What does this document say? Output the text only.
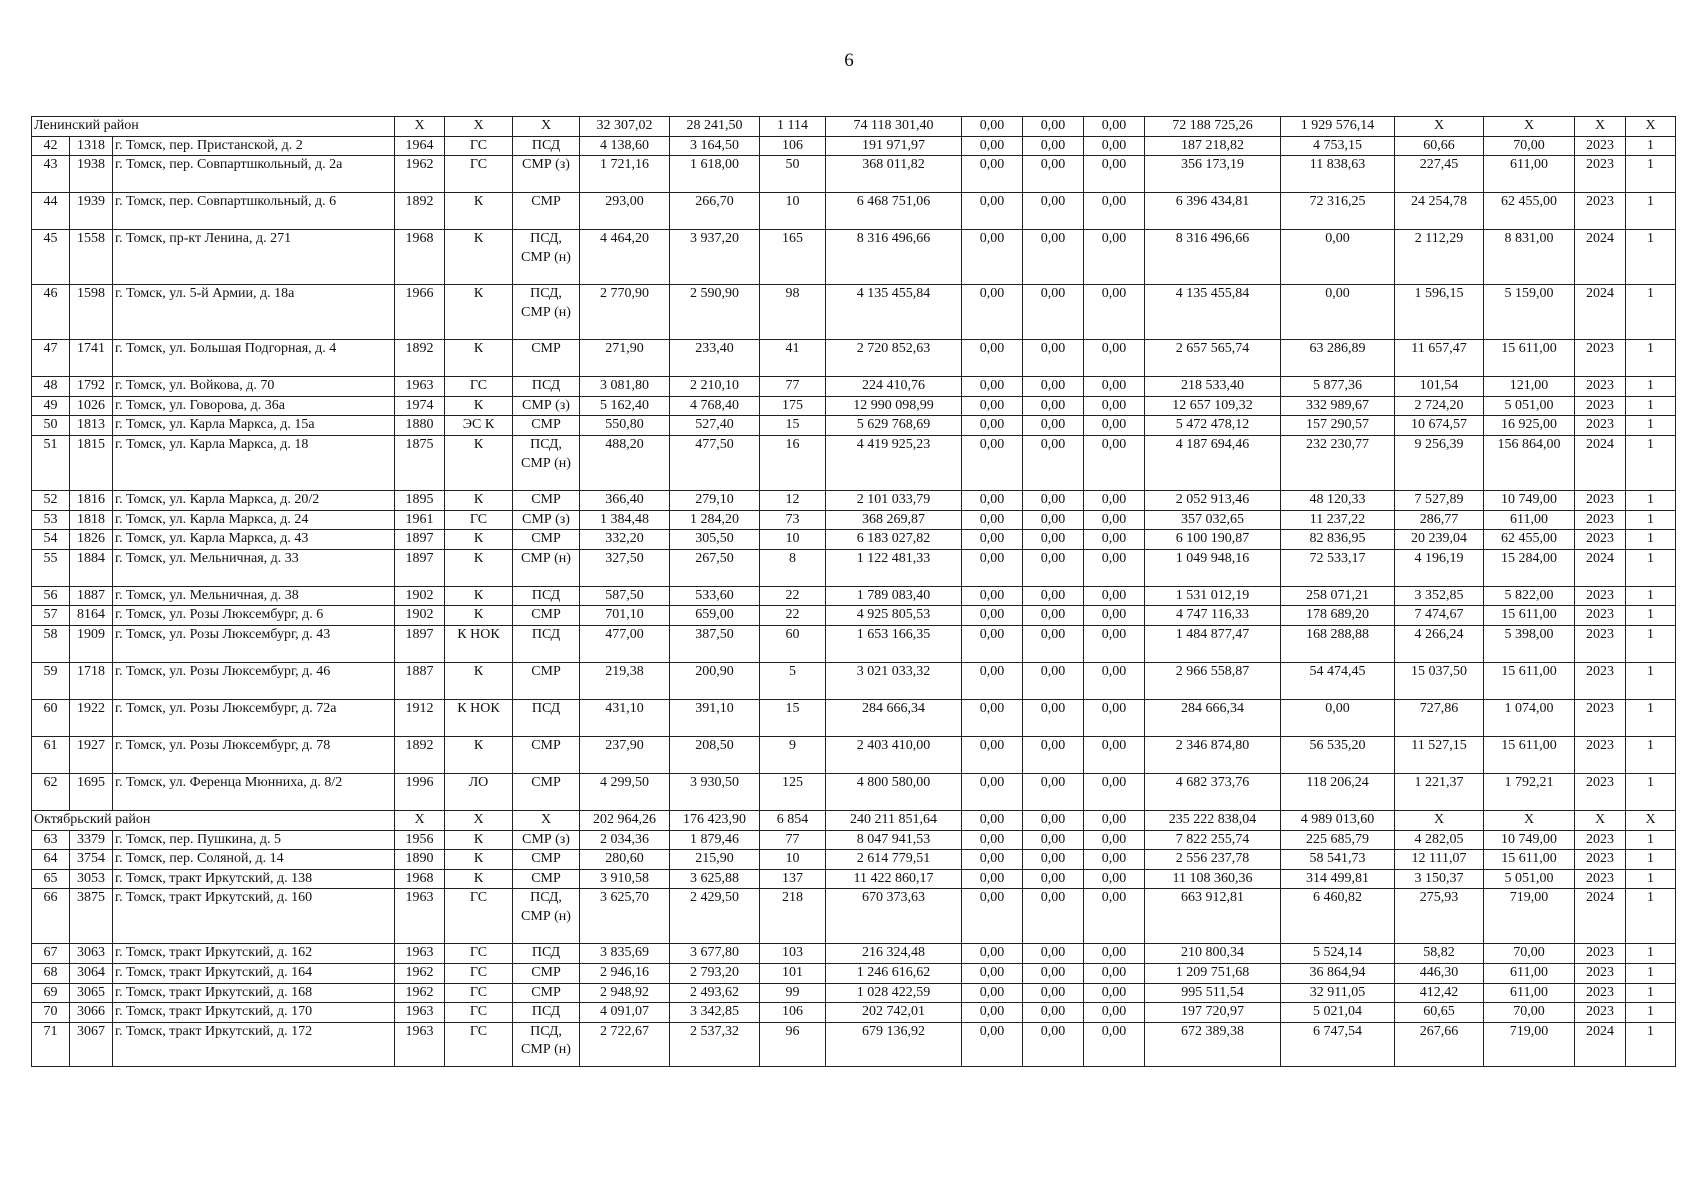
6
Ленинский район			X	X	X	32 307,02	28 241,50	1 114	74 118 301,40	0,00	0,00	0,00	72 188 725,26	1 929 576,14	X	X	X	X
42	1318	г. Томск, пер. Пристанской, д. 2	1964	ГС	ПСД	4 138,60	3 164,50	106	191 971,97	0,00	0,00	0,00	187 218,82	4 753,15	60,66	70,00	2023	1
43	1938	г. Томск, пер. Совпартшкольный, д. 2а	1962	ГС	СМР (з)	1 721,16	1 618,00	50	368 011,82	0,00	0,00	0,00	356 173,19	11 838,63	227,45	611,00	2023	1
44	1939	г. Томск, пер. Совпартшкольный, д. 6	1892	К	СМР	293,00	266,70	10	6 468 751,06	0,00	0,00	0,00	6 396 434,81	72 316,25	24 254,78	62 455,00	2023	1
45	1558	г. Томск, пр-кт Ленина, д. 271	1968	К	ПСД, СМР (н)	4 464,20	3 937,20	165	8 316 496,66	0,00	0,00	0,00	8 316 496,66	0,00	2 112,29	8 831,00	2024	1
46	1598	г. Томск, ул. 5-й Армии, д. 18а	1966	К	ПСД, СМР (н)	2 770,90	2 590,90	98	4 135 455,84	0,00	0,00	0,00	4 135 455,84	0,00	1 596,15	5 159,00	2024	1
47	1741	г. Томск, ул. Большая Подгорная, д. 4	1892	К	СМР	271,90	233,40	41	2 720 852,63	0,00	0,00	0,00	2 657 565,74	63 286,89	11 657,47	15 611,00	2023	1
48	1792	г. Томск, ул. Войкова, д. 70	1963	ГС	ПСД	3 081,80	2 210,10	77	224 410,76	0,00	0,00	0,00	218 533,40	5 877,36	101,54	121,00	2023	1
49	1026	г. Томск, ул. Говорова, д. 36а	1974	К	СМР (з)	5 162,40	4 768,40	175	12 990 098,99	0,00	0,00	0,00	12 657 109,32	332 989,67	2 724,20	5 051,00	2023	1
50	1813	г. Томск, ул. Карла Маркса, д. 15а	1880	ЭС К	СМР	550,80	527,40	15	5 629 768,69	0,00	0,00	0,00	5 472 478,12	157 290,57	10 674,57	16 925,00	2023	1
51	1815	г. Томск, ул. Карла Маркса, д. 18	1875	К	ПСД, СМР (н)	488,20	477,50	16	4 419 925,23	0,00	0,00	0,00	4 187 694,46	232 230,77	9 256,39	156 864,00	2024	1
52	1816	г. Томск, ул. Карла Маркса, д. 20/2	1895	К	СМР	366,40	279,10	12	2 101 033,79	0,00	0,00	0,00	2 052 913,46	48 120,33	7 527,89	10 749,00	2023	1
53	1818	г. Томск, ул. Карла Маркса, д. 24	1961	ГС	СМР (з)	1 384,48	1 284,20	73	368 269,87	0,00	0,00	0,00	357 032,65	11 237,22	286,77	611,00	2023	1
54	1826	г. Томск, ул. Карла Маркса, д. 43	1897	К	СМР	332,20	305,50	10	6 183 027,82	0,00	0,00	0,00	6 100 190,87	82 836,95	20 239,04	62 455,00	2023	1
55	1884	г. Томск, ул. Мельничная, д. 33	1897	К	СМР (н)	327,50	267,50	8	1 122 481,33	0,00	0,00	0,00	1 049 948,16	72 533,17	4 196,19	15 284,00	2024	1
56	1887	г. Томск, ул. Мельничная, д. 38	1902	К	ПСД	587,50	533,60	22	1 789 083,40	0,00	0,00	0,00	1 531 012,19	258 071,21	3 352,85	5 822,00	2023	1
57	8164	г. Томск, ул. Розы Люксембург, д. 6	1902	К	СМР	701,10	659,00	22	4 925 805,53	0,00	0,00	0,00	4 747 116,33	178 689,20	7 474,67	15 611,00	2023	1
58	1909	г. Томск, ул. Розы Люксембург, д. 43	1897	К НОК	ПСД	477,00	387,50	60	1 653 166,35	0,00	0,00	0,00	1 484 877,47	168 288,88	4 266,24	5 398,00	2023	1
59	1718	г. Томск, ул. Розы Люксембург, д. 46	1887	К	СМР	219,38	200,90	5	3 021 033,32	0,00	0,00	0,00	2 966 558,87	54 474,45	15 037,50	15 611,00	2023	1
60	1922	г. Томск, ул. Розы Люксембург, д. 72а	1912	К НОК	ПСД	431,10	391,10	15	284 666,34	0,00	0,00	0,00	284 666,34	0,00	727,86	1 074,00	2023	1
61	1927	г. Томск, ул. Розы Люксембург, д. 78	1892	К	СМР	237,90	208,50	9	2 403 410,00	0,00	0,00	0,00	2 346 874,80	56 535,20	11 527,15	15 611,00	2023	1
62	1695	г. Томск, ул. Ференца Мюнниха, д. 8/2	1996	ЛО	СМР	4 299,50	3 930,50	125	4 800 580,00	0,00	0,00	0,00	4 682 373,76	118 206,24	1 221,37	1 792,21	2023	1
Октябрьский район			X	X	X	202 964,26	176 423,90	6 854	240 211 851,64	0,00	0,00	0,00	235 222 838,04	4 989 013,60	X	X	X	X
63	3379	г. Томск, пер. Пушкина, д. 5	1956	К	СМР (з)	2 034,36	1 879,46	77	8 047 941,53	0,00	0,00	0,00	7 822 255,74	225 685,79	4 282,05	10 749,00	2023	1
64	3754	г. Томск, пер. Соляной, д. 14	1890	К	СМР	280,60	215,90	10	2 614 779,51	0,00	0,00	0,00	2 556 237,78	58 541,73	12 111,07	15 611,00	2023	1
65	3053	г. Томск, тракт Иркутский, д. 138	1968	К	СМР	3 910,58	3 625,88	137	11 422 860,17	0,00	0,00	0,00	11 108 360,36	314 499,81	3 150,37	5 051,00	2023	1
66	3875	г. Томск, тракт Иркутский, д. 160	1963	ГС	ПСД, СМР (н)	3 625,70	2 429,50	218	670 373,63	0,00	0,00	0,00	663 912,81	6 460,82	275,93	719,00	2024	1
67	3063	г. Томск, тракт Иркутский, д. 162	1963	ГС	ПСД	3 835,69	3 677,80	103	216 324,48	0,00	0,00	0,00	210 800,34	5 524,14	58,82	70,00	2023	1
68	3064	г. Томск, тракт Иркутский, д. 164	1962	ГС	СМР	2 946,16	2 793,20	101	1 246 616,62	0,00	0,00	0,00	1 209 751,68	36 864,94	446,30	611,00	2023	1
69	3065	г. Томск, тракт Иркутский, д. 168	1962	ГС	СМР	2 948,92	2 493,62	99	1 028 422,59	0,00	0,00	0,00	995 511,54	32 911,05	412,42	611,00	2023	1
70	3066	г. Томск, тракт Иркутский, д. 170	1963	ГС	ПСД	4 091,07	3 342,85	106	202 742,01	0,00	0,00	0,00	197 720,97	5 021,04	60,65	70,00	2023	1
71	3067	г. Томск, тракт Иркутский, д. 172	1963	ГС	ПСД, СМР (н)	2 722,67	2 537,32	96	679 136,92	0,00	0,00	0,00	672 389,38	6 747,54	267,66	719,00	2024	1
